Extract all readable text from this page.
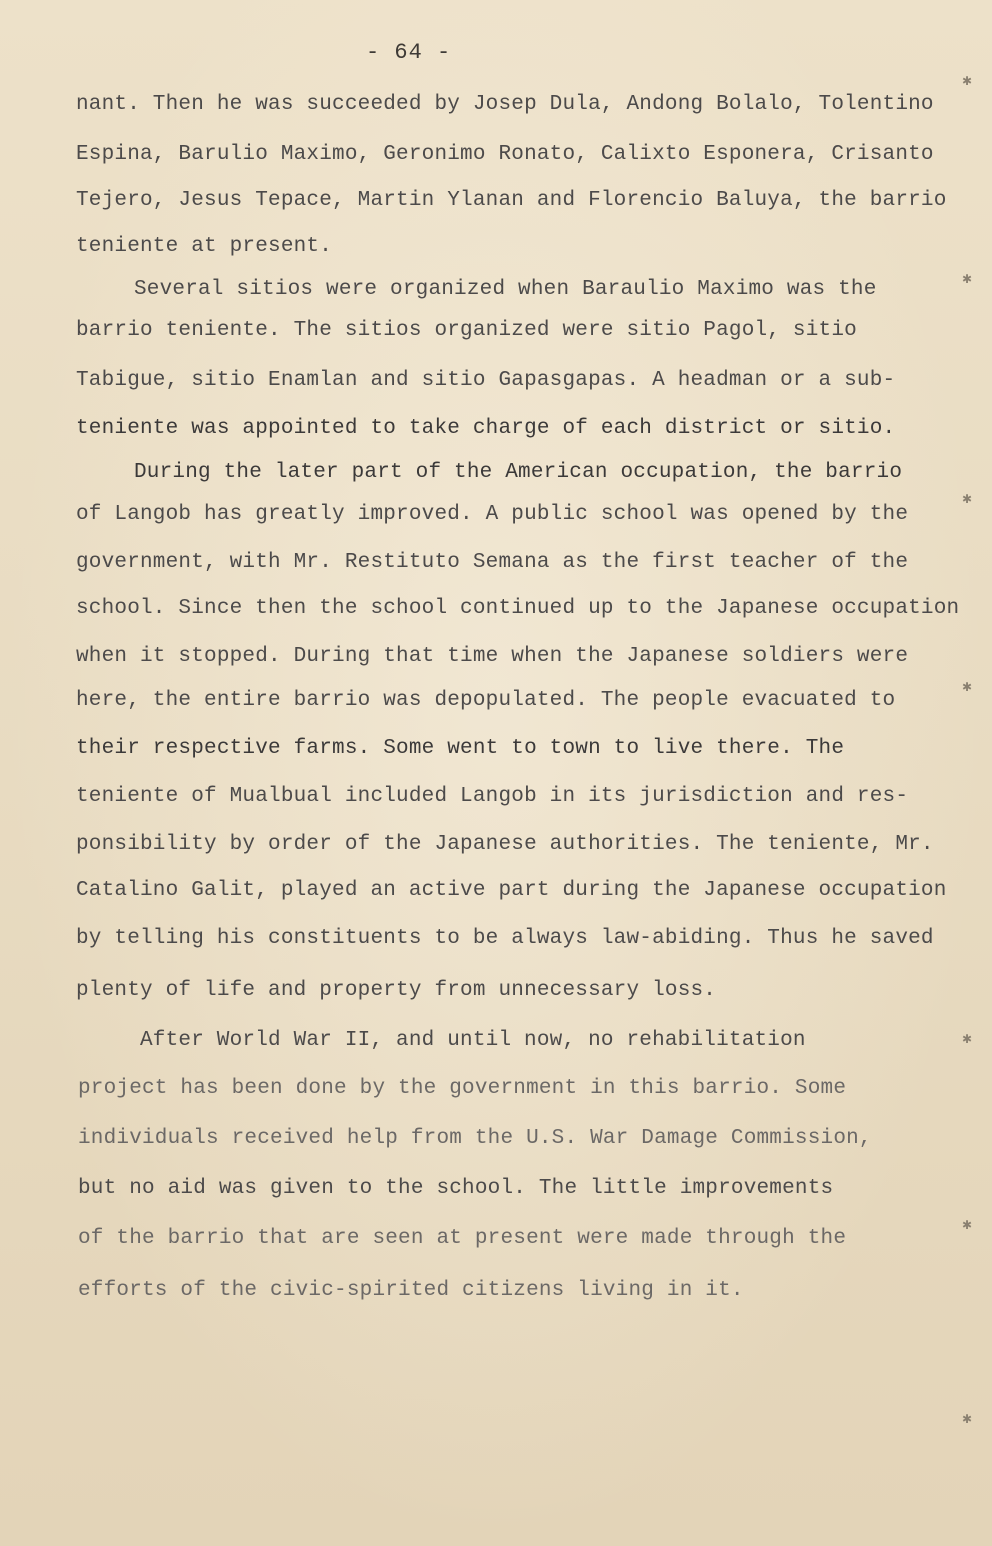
- 64 -
nant. Then he was succeeded by Josep Dula, Andong Bolalo, Tolentino
Espina, Barulio Maximo, Geronimo Ronato, Calixto Esponera, Crisanto
Tejero, Jesus Tepace, Martin Ylanan and Florencio Baluya, the barrio
teniente at present.
Several sitios were organized when Baraulio Maximo was the
barrio teniente. The sitios organized were sitio Pagol, sitio
Tabigue, sitio Enamlan and sitio Gapasgapas. A headman or a sub-
teniente was appointed to take charge of each district or sitio.
During the later part of the American occupation, the barrio
of Langob has greatly improved. A public school was opened by the
government, with Mr. Restituto Semana as the first teacher of the
school. Since then the school continued up to the Japanese occupation
when it stopped. During that time when the Japanese soldiers were
here, the entire barrio was depopulated. The people evacuated to
their respective farms. Some went to town to live there. The
teniente of Mualbual included Langob in its jurisdiction and res-
ponsibility by order of the Japanese authorities. The teniente, Mr.
Catalino Galit, played an active part during the Japanese occupation
by telling his constituents to be always law-abiding. Thus he saved
plenty of life and property from unnecessary loss.
After World War II, and until now, no rehabilitation
project has been done by the government in this barrio. Some
individuals received help from the U.S. War Damage Commission,
but no aid was given to the school. The little improvements
of the barrio that are seen at present were made through the
efforts of the civic-spirited citizens living in it.
✱
✱
✱
✱
✱
✱
✱
